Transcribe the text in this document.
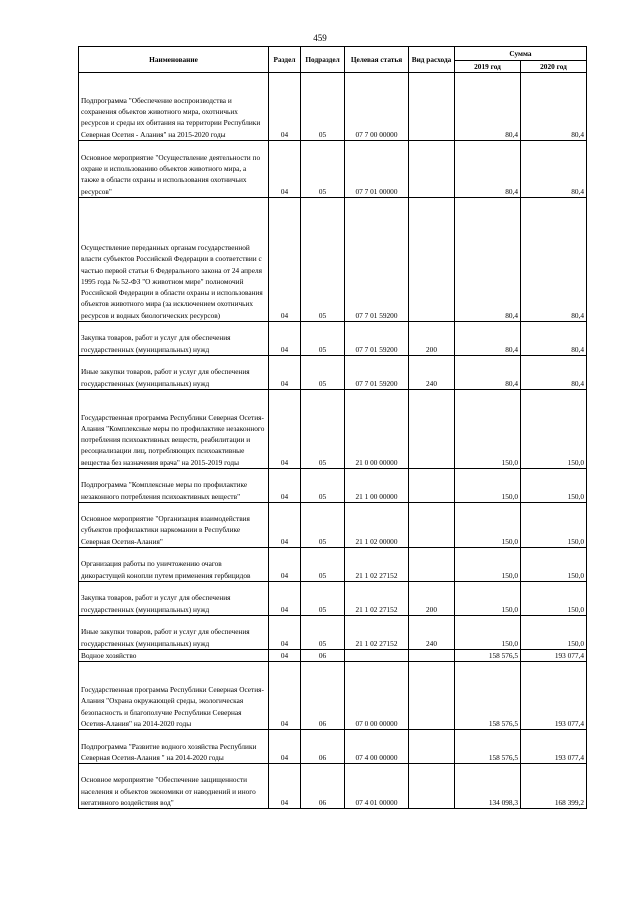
459
Наименование	Раздел	Подраздел	Целевая статья	Вид расхода	Сумма	
					2019 год	2020 год
Подпрограмма "Обеспечение воспроизводства и сохранения объектов животного мира, охотничьих ресурсов и среды их обитания на территории Республики Северная Осетия - Алания" на 2015-2020 годы	04	05	07 7 00 00000		80,4	80,4
Основное мероприятие "Осуществление деятельности по охране и использованию объектов животного мира, а также в области охраны и использования охотничьих ресурсов"	04	05	07 7 01 00000		80,4	80,4
Осуществление переданных органам государственной власти субъектов Российской Федерации в соответствии с частью первой статьи 6 Федерального закона от 24 апреля 1995 года № 52-ФЗ "О животном мире" полномочий Российской Федерации в области охраны и использования объектов животного мира (за исключением охотничьих ресурсов и водных биологических ресурсов)	04	05	07 7 01 59200		80,4	80,4
Закупка товаров, работ и услуг для обеспечения государственных (муниципальных) нужд	04	05	07 7 01 59200	200	80,4	80,4
Иные закупки товаров, работ и услуг для обеспечения государственных (муниципальных) нужд	04	05	07 7 01 59200	240	80,4	80,4
Государственная программа Республики Северная Осетия-Алания "Комплексные меры по профилактике незаконного потребления психоактивных веществ, реабилитации и ресоциализации лиц, потребляющих психоактивные вещества без назначения врача" на 2015-2019 годы	04	05	21 0 00 00000		150,0	150,0
Подпрограмма "Комплексные меры по профилактике незаконного потребления психоактивных веществ"	04	05	21 1 00 00000		150,0	150,0
Основное мероприятие "Организация взаимодействия субъектов профилактики наркомании в Республике Северная Осетия-Алания"	04	05	21 1 02 00000		150,0	150,0
Организация работы по уничтожению очагов дикорастущей конопли путем применения гербицидов	04	05	21 1 02 27152		150,0	150,0
Закупка товаров, работ и услуг для обеспечения государственных (муниципальных) нужд	04	05	21 1 02 27152	200	150,0	150,0
Иные закупки товаров, работ и услуг для обеспечения государственных (муниципальных) нужд	04	05	21 1 02 27152	240	150,0	150,0
Водное хозяйство	04	06			158 576,5	193 077,4
Государственная программа Республики Северная Осетия-Алания "Охрана окружающей среды, экологическая безопасность и благополучие Республики Северная Осетия-Алания" на 2014-2020 годы	04	06	07 0 00 00000		158 576,5	193 077,4
Подпрограмма "Развитие водного хозяйства Республики Северная Осетия-Алания " на 2014-2020 годы	04	06	07 4 00 00000		158 576,5	193 077,4
Основное мероприятие "Обеспечение защищенности населения и объектов экономики от наводнений и иного негативного воздействия вод"	04	06	07 4 01 00000		134 098,3	168 399,2
